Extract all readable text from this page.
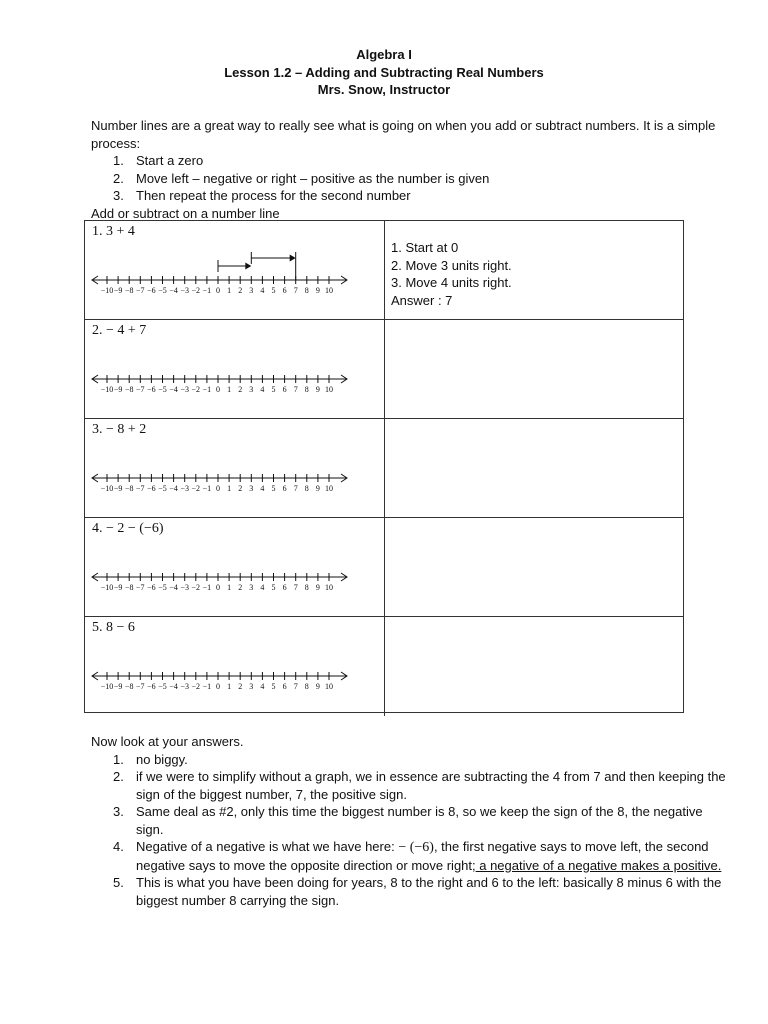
Algebra I
Lesson 1.2 – Adding and Subtracting Real Numbers
Mrs. Snow, Instructor
Number lines are a great way to really see what is going on when you add or subtract numbers. It is a simple process:
1. Start a zero
2. Move left – negative or right – positive as the number is given
3. Then repeat the process for the second number
Add or subtract on a number line
1. 3 + 4
−10 −9 −8 −7 −6 −5 −4 −3 −2 −1 0 1 2 3 4 5 6 7 8 9 10
1. Start at 0
2. Move 3 units right.
3. Move 4 units right.
Answer : 7
2. − 4 + 7
−10 −9 −8 −7 −6 −5 −4 −3 −2 −1 0 1 2 3 4 5 6 7 8 9 10
3. − 8 + 2
−10 −9 −8 −7 −6 −5 −4 −3 −2 −1 0 1 2 3 4 5 6 7 8 9 10
4. − 2 − (−6)
−10 −9 −8 −7 −6 −5 −4 −3 −2 −1 0 1 2 3 4 5 6 7 8 9 10
5. 8 − 6
−10 −9 −8 −7 −6 −5 −4 −3 −2 −1 0 1 2 3 4 5 6 7 8 9 10
Now look at your answers.
1. no biggy.
2. if we were to simplify without a graph, we in essence are subtracting the 4 from 7 and then keeping the sign of the biggest number, 7, the positive sign.
3. Same deal as #2, only this time the biggest number is 8, so we keep the sign of the 8, the negative sign.
4. Negative of a negative is what we have here: − (−6), the first negative says to move left, the second negative says to move the opposite direction or move right; a negative of a negative makes a positive.
5. This is what you have been doing for years, 8 to the right and 6 to the left: basically 8 minus 6 with the biggest number 8 carrying the sign.
